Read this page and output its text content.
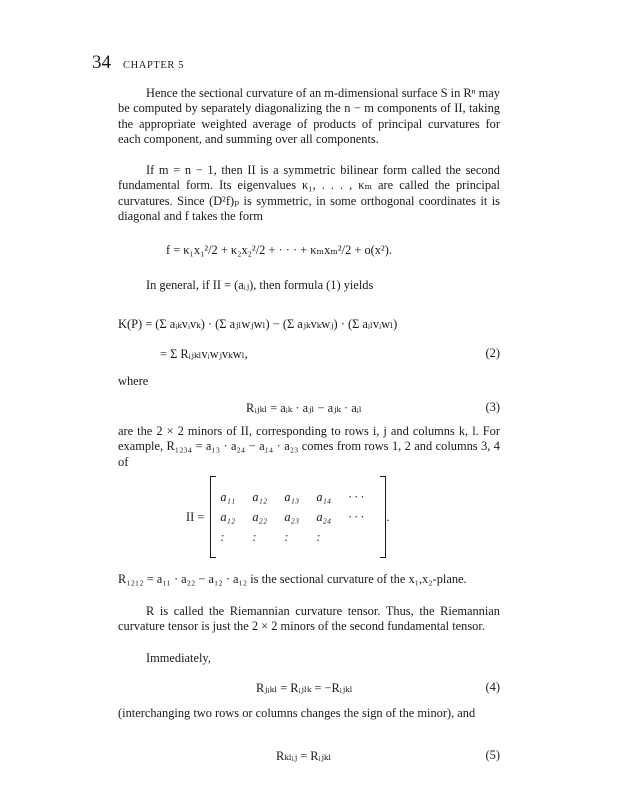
34 CHAPTER 5

Hence the sectional curvature of an m-dimensional surface S in Rⁿ may be computed by separately diagonalizing the n − m components of II, taking the appropriate weighted average of products of principal curvatures for each component, and summing over all components.

If m = n − 1, then II is a symmetric bilinear form called the second fundamental form. Its eigenvalues κ₁, . . . , κₘ are called the principal curvatures. Since (D²f)ₚ is symmetric, in some orthogonal coordinates it is diagonal and f takes the form

f = κ₁x₁²/2 + κ₂x₂²/2 + · · · + κₘxₘ²/2 + o(x²).

In general, if II = (aᵢⱼ), then formula (1) yields

K(P) = (Σ aᵢₖvᵢvₖ) · (Σ aⱼₗwⱼwₗ) − (Σ aⱼₖvₖwⱼ) · (Σ aᵢₗvᵢwₗ)
= Σ Rᵢⱼₖₗvᵢwⱼvₖwₗ,	(2)

where

Rᵢⱼₖₗ = aᵢₖ · aⱼₗ − aⱼₖ · aᵢₗ	(3)

are the 2 × 2 minors of II, corresponding to rows i, j and columns k, l. For example, R₁₂₃₄ = a₁₃ · a₂₄ − a₁₄ · a₂₃ comes from rows 1, 2 and columns 3, 4 of

II =
a₁₁	a₁₂	a₁₃	a₁₄	· · ·
a₁₂	a₂₂	a₂₃	a₂₄	· · ·
:	:	:	:
.

R₁₂₁₂ = a₁₁ · a₂₂ − a₁₂ · a₁₂ is the sectional curvature of the x₁,x₂-plane.

R is called the Riemannian curvature tensor. Thus, the Riemannian curvature tensor is just the 2 × 2 minors of the second fundamental tensor.

Immediately,

Rⱼᵢₖₗ = Rᵢⱼₗₖ = −Rᵢⱼₖₗ	(4)

(interchanging two rows or columns changes the sign of the minor), and

Rₖₗᵢⱼ = Rᵢⱼₖₗ	(5)
